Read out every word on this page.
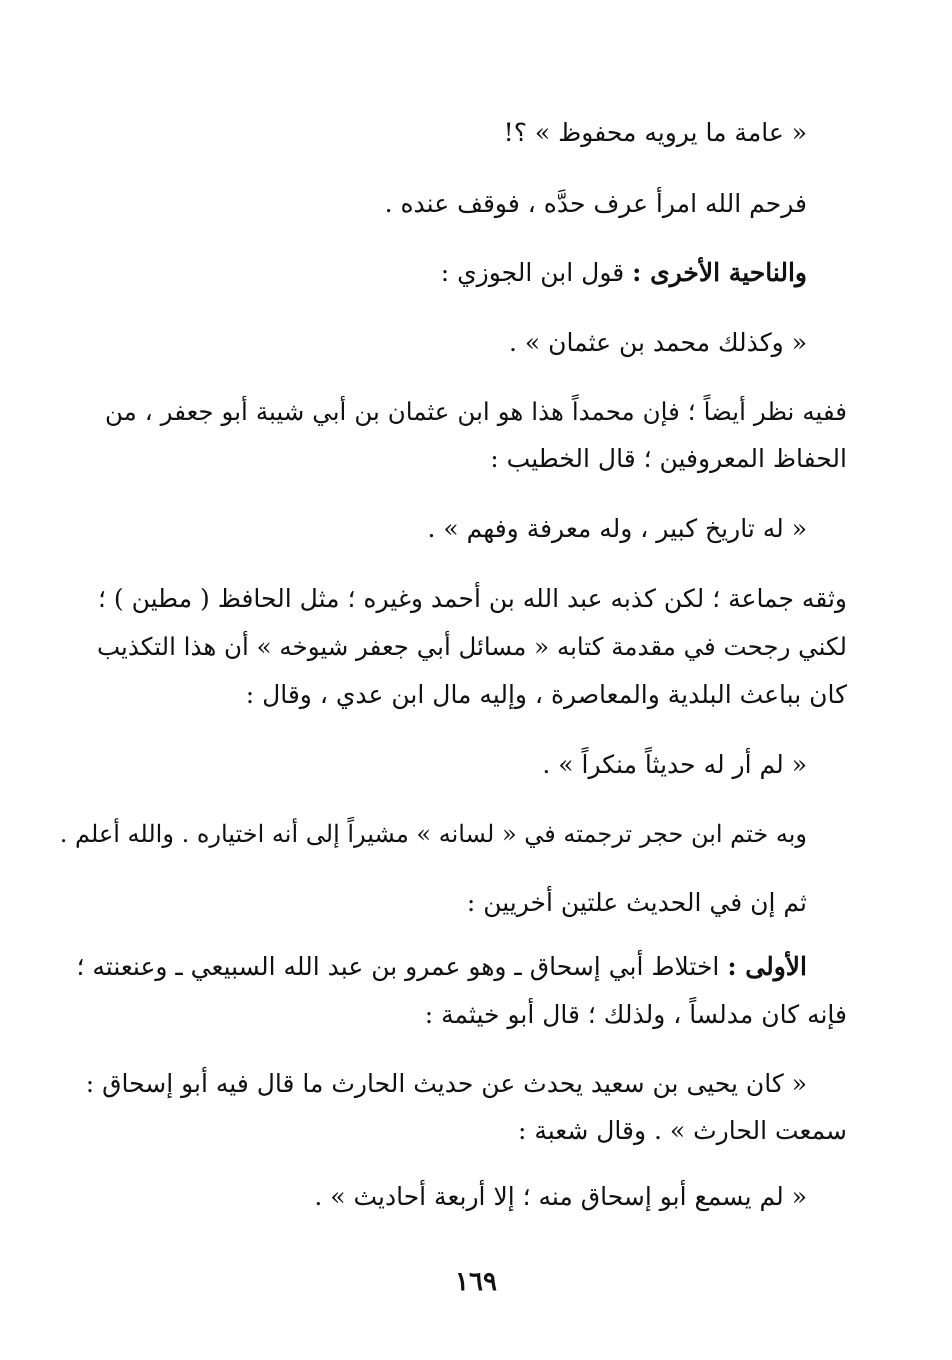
« عامة ما يرويه محفوظ » ؟!
فرحم الله امرأ عرف حدَّه ، فوقف عنده .
والناحية الأخرى : قول ابن الجوزي :
« وكذلك محمد بن عثمان » .
ففيه نظر أيضاً ؛ فإن محمداً هذا هو ابن عثمان بن أبي شيبة أبو جعفر ، من
الحفاظ المعروفين ؛ قال الخطيب :
« له تاريخ كبير ، وله معرفة وفهم » .
وثقه جماعة ؛ لكن كذبه عبد الله بن أحمد وغيره ؛ مثل الحافظ ( مطين ) ؛
لكني رجحت في مقدمة كتابه « مسائل أبي جعفر شيوخه » أن هذا التكذيب
كان بباعث البلدية والمعاصرة ، وإليه مال ابن عدي ، وقال :
« لم أر له حديثاً منكراً » .
وبه ختم ابن حجر ترجمته في « لسانه » مشيراً إلى أنه اختياره . والله أعلم .
ثم إن في الحديث علتين أخريين :
الأولى : اختلاط أبي إسحاق ـ وهو عمرو بن عبد الله السبيعي ـ وعنعنته ؛
فإنه كان مدلساً ، ولذلك ؛ قال أبو خيثمة :
« كان يحيى بن سعيد يحدث عن حديث الحارث ما قال فيه أبو إسحاق :
سمعت الحارث » . وقال شعبة :
« لم يسمع أبو إسحاق منه ؛ إلا أربعة أحاديث » .
١٦٩
